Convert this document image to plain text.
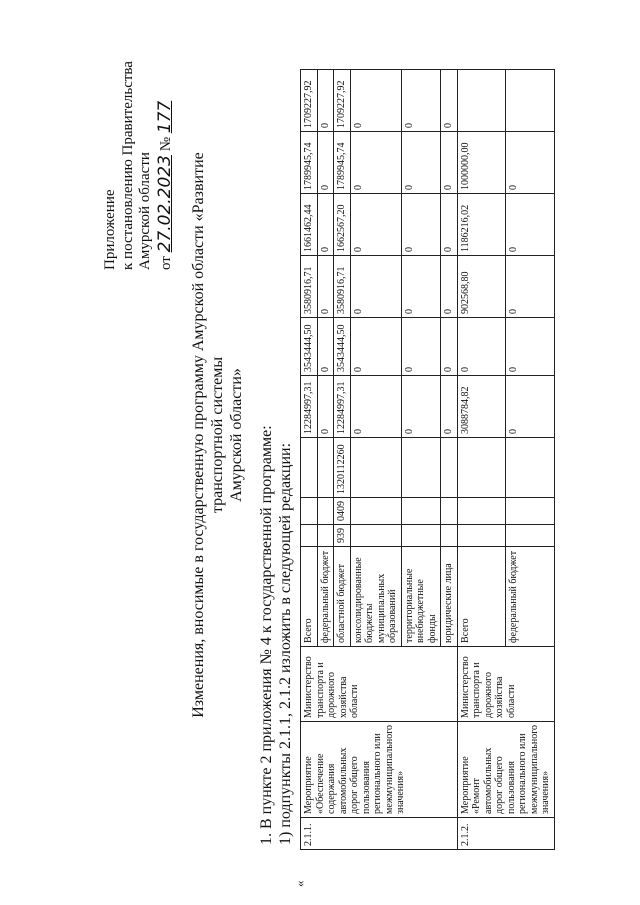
Приложение к постановлению Правительства Амурской области от 27.02.2023 № 177
Изменения, вносимые в государственную программу Амурской области «Развитие транспортной системы Амурской области» 1. В пункте 2 приложения № 4 к государственной программе: 1) подпункты 2.1.1, 2.1.2 изложить в следующей редакции:
«
2.1.1.	Мероприятие «Обеспечение содержания автомобильных дорог общего пользования регионального или межмуниципального значения»	Министерство транспорта и дорожного хозяйства области	Всего				12284997,31	3543444,50	3580916,71	1661462,44	1789945,74	1709227,92
			федеральный бюджет				0	0	0	0	0	0
			областной бюджет	939	0409	1320112260	12284997,31	3543444,50	3580916,71	1662567,20	1789945,74	1709227,92
			консолидированные бюджеты муниципальных образований				0	0	0	0	0	0
			территориальные внебюджетные фонды				0	0	0	0	0	0
			юридические лица				0	0	0	0	0	0
2.1.2.	Мероприятие «Ремонт автомобильных дорог общего пользования регионального или межмуниципального значения»	Министерство транспорта и дорожного хозяйства области	Всего				3088784,82	0	902568,80	1186216,02	1000000,00	
			федеральный бюджет				0	0	0	0	0	
